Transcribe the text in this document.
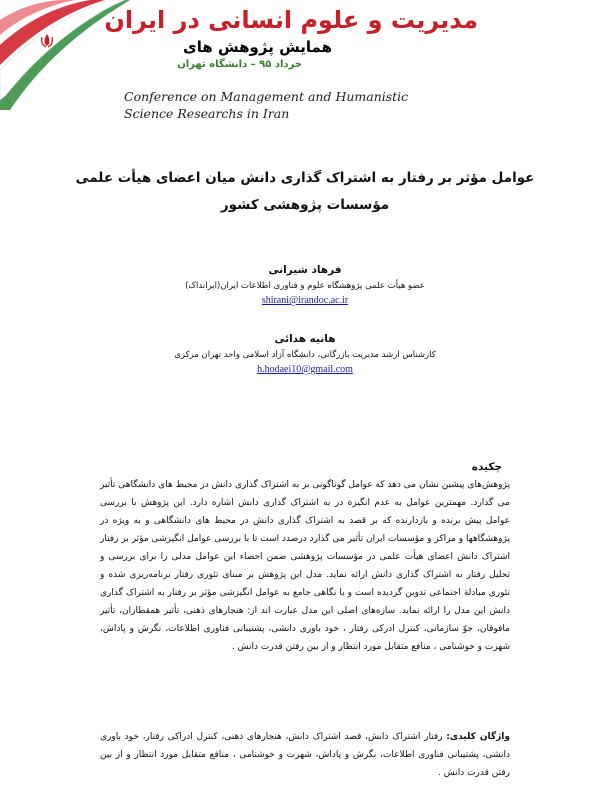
مدیریت و علوم انسانی در ایران
همایش پژوهش های
خرداد ۹۵ – دانشگاه تهران
Conference on Management and Humanistic Science Researchs in Iran
عوامل مؤثر بر رفتار به اشتراک گذاری دانش میان اعضای هیأت علمی مؤسسات پژوهشی کشور
فرهاد شیرانی
عضو هیأت علمی پژوهشگاه علوم و فناوری اطلاعات ایران(ایرانداک)
shirani@irandoc.ac.ir
هانیه هدائی
کارشناس ارشد مدیریت بازرگانی، دانشگاه آزاد اسلامی واحد تهران مرکزی
h.hodaei10@gmail.com
چکیده
پژوهش‌های پیشین نشان می دهد که عوامل گوناگونی بر به اشتراک گذاری دانش در محیط های دانشگاهی تأثیر می گذارد. مهمترین عوامل به عدم انگیزة در به اشتراک گذاری دانش اشاره دارد. این پژوهش با بررسی عوامل پیش برنده و بازدارنده که بر قصد به اشتراک گذاری دانش در محیط های دانشگاهی و به ویژه در پژوهشگاهها و مراکز و مؤسسات ایران تأثیر می گذارد درصدد است تا با بررسی عوامل انگیزشی مؤثر بر رفتار اشتراک دانش اعضای هیأت علمی در مؤسسات پژوهشی ضمن احصاء این عوامل مدلی را برای بررسی و تحلیل رفتار به اشتراک گذاری دانش ارائه نماید. مدل این پژوهش بر مبنای تئوری رفتار برنامه‌ریزی شده و تئوری مبادلة اجتماعی تدوین گردیده است و با نگاهی جامع به عوامل انگیزشی مؤثر بر رفتار به اشتراک گذاری دانش این مدل را ارائه نماید. سازه‌های اصلی این مدل عبارت اند از: هنجارهای ذهنی، تأثیر همقطاران، تأثیر مافوقان، جوّ سازمانی، کنترل ادرکی رفتار ، خود باوری دانشی، پشتیبانی فناوری اطلاعات، نگرش و پاداش، شهرت و خوشنامی ، منافع متقابل مورد انتظار و از بین رفتن قدرت دانش .
واژگان کلیدی: رفتار اشتراک دانش، قصد اشتراک دانش، هنجارهای ذهنی، کنترل ادراکی رفتار، خود باوری دانشی، پشتیبانی فناوری اطلاعات، نگرش و پاداش، شهرت و خوشنامی ، منافع متقابل مورد انتظار و از بین رفتن قدرت دانش .
